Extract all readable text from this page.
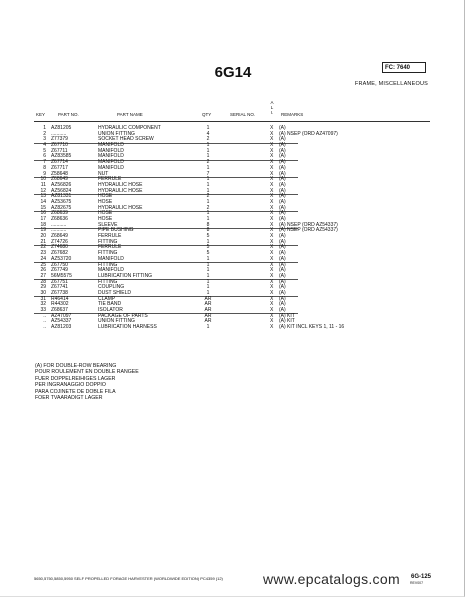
FC: 7640
6G14
FRAME, MISCELLANEOUS
KEY	PART NO.	PART NAME	QTY	SERIAL NO.
A
L
I.	REMARKS
1 AZ81205	HYDRAULIC COMPONENT	1	X (A)
2 ...........	UNION FITTING	4	X (A) NSEP (ORD AZ47097)
3 Z77379	SOCKET HEAD SCREW	2	X (A)
4 Z67710	MANIFOLD	1	X (A)
5 Z67711	MANIFOLD	1	X (A)
6 AZ83585	MANIFOLD	1	X (A)
7 Z67714	MANIFOLD	2	X (A)
8 Z67717	MANIFOLD	1	X (A)
9 Z58648	NUT	7	X (A)
10 Z68649	FERRULE	1	X (A)
11 AZ56826	HYDRAULIC HOSE	1	X (A)
12 AZ56824	HYDRAULIC HOSE	1	X (A)
13 AZ81331	HOSE	2	X (A)
14 AZ53675	HOSE	1	X (A)
15 AZ82675	HYDRAULIC HOSE	2	X (A)
16 Z68639	HOSE	1	X (A)
17 Z68636	HOSE	1	X (A)
18 ...........	SLEEVE	8	X (A) NSEP (ORD AZ54337)
19 ...........	PIPE BUSHING	8	X (A) NSEP (ORD AZ54337)
20 Z68649	FERRULE	5	X (A)
21 Z74726	FITTING	1	X (A)
22 Z74680	FERRULE	5	X (A)
23 Z67682	FITTING	5	X (A)
24 AZ53720	MANIFOLD	1	X (A)
25 Z67750	FITTING	1	X (A)
26 Z67749	MANIFOLD	1	X (A)
27 56M5575	LUBRICATION FITTING	1	X (A)
28 Z67751	FITTING	1	X (A)
29 Z67741	COUPLING	1	X (A)
30 Z67738	DUST SHIELD	1	X (A)
31 R46414	CLAMP	AR	X (A)
32 R44302	TIE BAND	AR	X (A)
33 Z68637	ISOLATOR	AR	X (A)
.. AZ47097	PACKAGE OF PARTS	AR	X (A) KIT
.. AZ54337	UNION FITTING	AR	X (A) KIT
.. AZ81203	LUBRICATION HARNESS	1	X (A) KIT INCL KEYS 1, 11 - 16
(A) FOR DOUBLE-ROW BEARING
POUR ROULEMENT EN DOUBLE RANGEE
FUER DOPPELREIHIGES LAGER
PER INGRANAGGIO DOPPIO
PARA COJINETE DE DOBLE FILA
FOER TVAARADIGT LAGER
5650,5750,5850,5950 SELF PROPELLED FORAGE HARVESTER (WORLDWIDE EDITION) PC4359 (12)	www.epcatalogs.com 6G-125
REV007
